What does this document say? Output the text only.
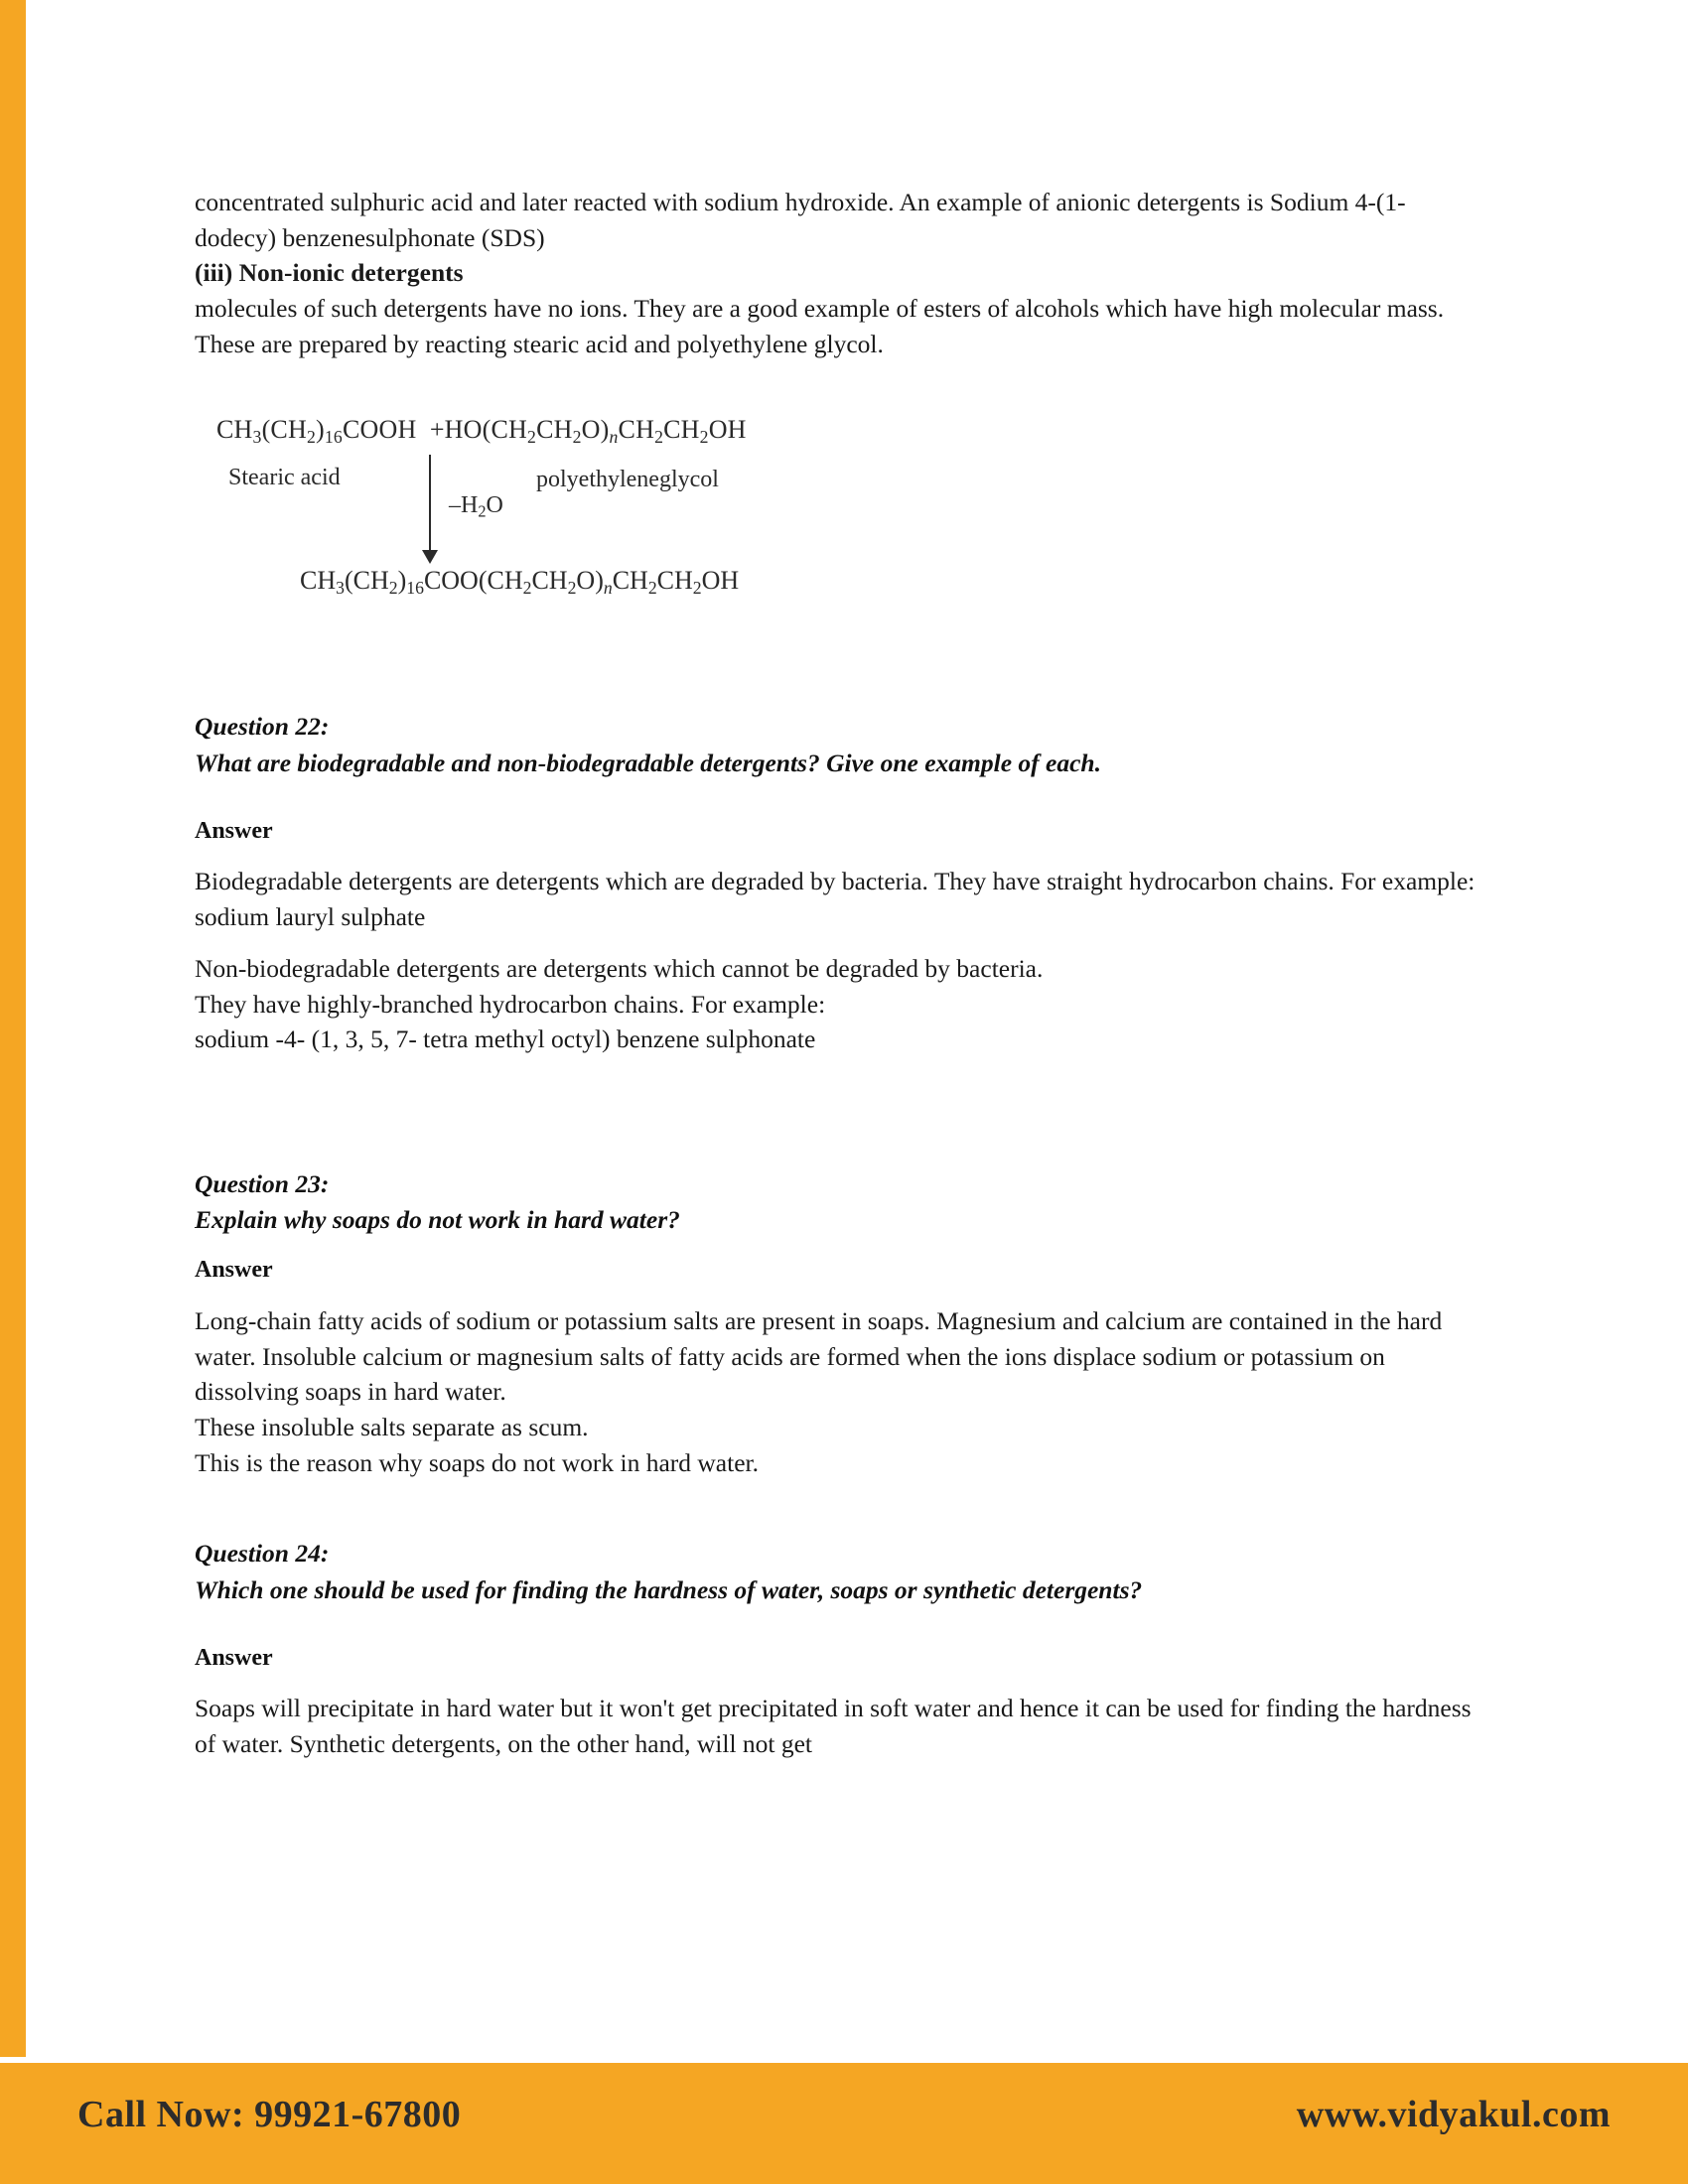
concentrated sulphuric acid and later reacted with sodium hydroxide. An example of anionic detergents is Sodium 4-(1-dodecy) benzenesulphonate (SDS)

(iii) Non-ionic detergents

molecules of such detergents have no ions. They are a good example of esters of alcohols which have high molecular mass. These are prepared by reacting stearic acid and polyethylene glycol.

$CH_3(CH_2)_{16}COOH +HO(CH_2CH_2O)_nCH_2CH_2OH$
Stearic acid	polyethyleneglycol
$-H_2O$
$CH_3(CH_2)_{16}COO(CH_2CH_2O)_nCH_2CH_2OH$

Question 22:

What are biodegradable and non-biodegradable detergents? Give one example of each.

Answer

Biodegradable detergents are detergents which are degraded by bacteria. They have straight hydrocarbon chains. For example: sodium lauryl sulphate

Non-biodegradable detergents are detergents which cannot be degraded by bacteria.
They have highly-branched hydrocarbon chains. For example:
sodium -4- (1, 3, 5, 7- tetra methyl octyl) benzene sulphonate

Question 23:

Explain why soaps do not work in hard water?

Answer

Long-chain fatty acids of sodium or potassium salts are present in soaps. Magnesium and calcium are contained in the hard water. Insoluble calcium or magnesium salts of fatty acids are formed when the ions displace sodium or potassium on dissolving soaps in hard water.
These insoluble salts separate as scum.
This is the reason why soaps do not work in hard water.

Question 24:

Which one should be used for finding the hardness of water, soaps or synthetic detergents?

Answer

Soaps will precipitate in hard water but it won't get precipitated in soft water and hence it can be used for finding the hardness of water. Synthetic detergents, on the other hand, will not get

Call Now: 99921-67800	www.vidyakul.com
